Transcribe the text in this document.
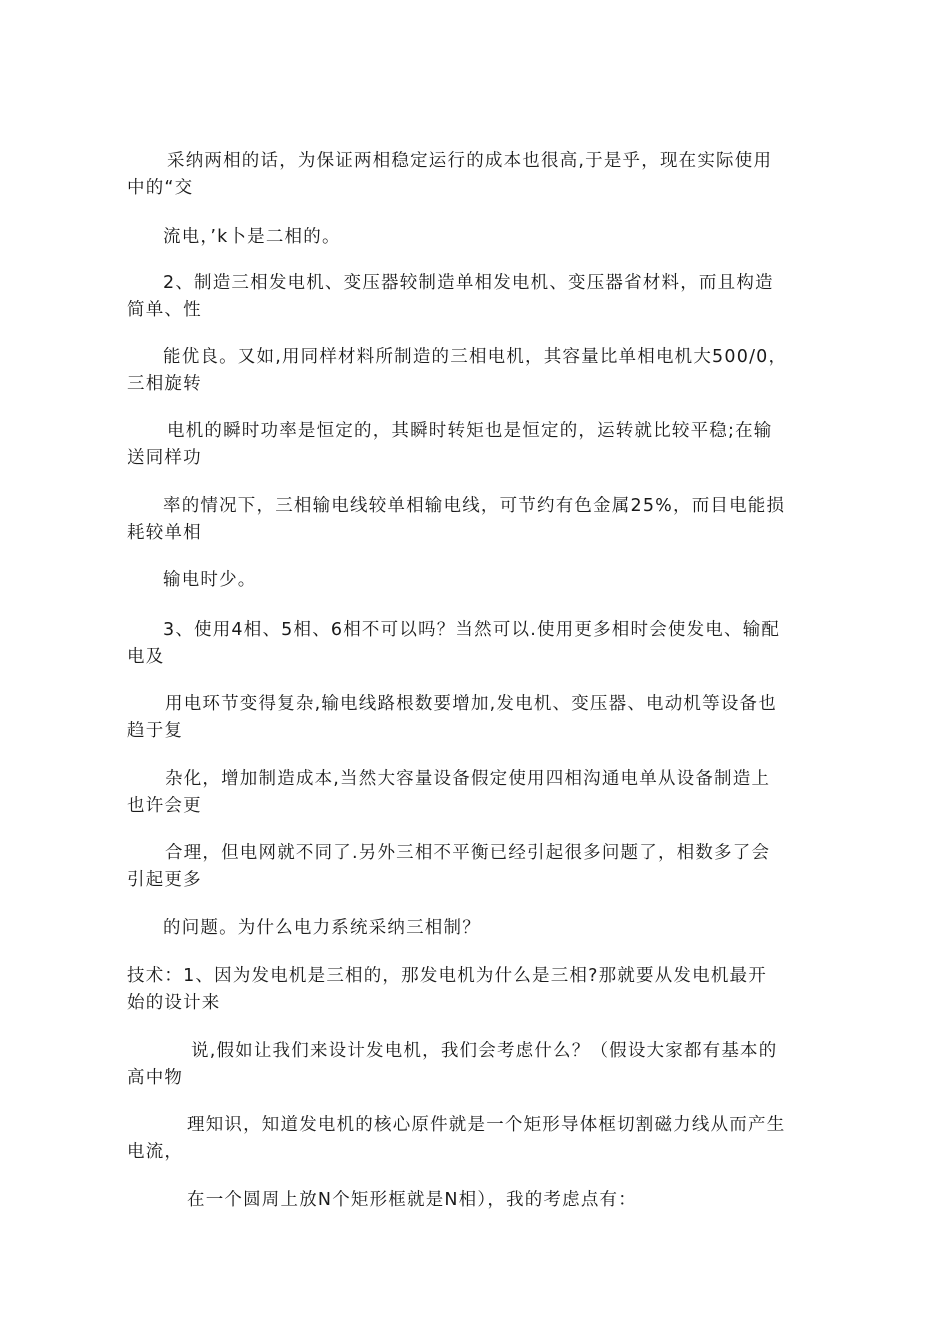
采纳两相的话，为保证两相稳定运行的成本也很高,于是乎，现在实际使用
中的“交

流电，’k卜是二相的。

2、制造三相发电机、变压器较制造单相发电机、变压器省材料，而且构造
简单、性

能优良。又如,用同样材料所制造的三相电机，其容量比单相电机大500/0，
三相旋转

电机的瞬时功率是恒定的，其瞬时转矩也是恒定的，运转就比较平稳;在输
送同样功

率的情况下，三相输电线较单相输电线，可节约有色金属25%，而目电能损
耗较单相

输电时少。

3、使用4相、5相、6相不可以吗？当然可以.使用更多相时会使发电、输配
电及

用电环节变得复杂,输电线路根数要增加,发电机、变压器、电动机等设备也
趋于复

杂化，增加制造成本,当然大容量设备假定使用四相沟通电单从设备制造上
也许会更

合理，但电网就不同了.另外三相不平衡已经引起很多问题了，相数多了会
引起更多

的问题。为什么电力系统采纳三相制？

技术：1、因为发电机是三相的，那发电机为什么是三相?那就要从发电机最开
始的设计来

说,假如让我们来设计发电机，我们会考虑什么？（假设大家都有基本的
高中物

理知识，知道发电机的核心原件就是一个矩形导体框切割磁力线从而产生
电流，

在一个圆周上放N个矩形框就是N相），我的考虑点有：
